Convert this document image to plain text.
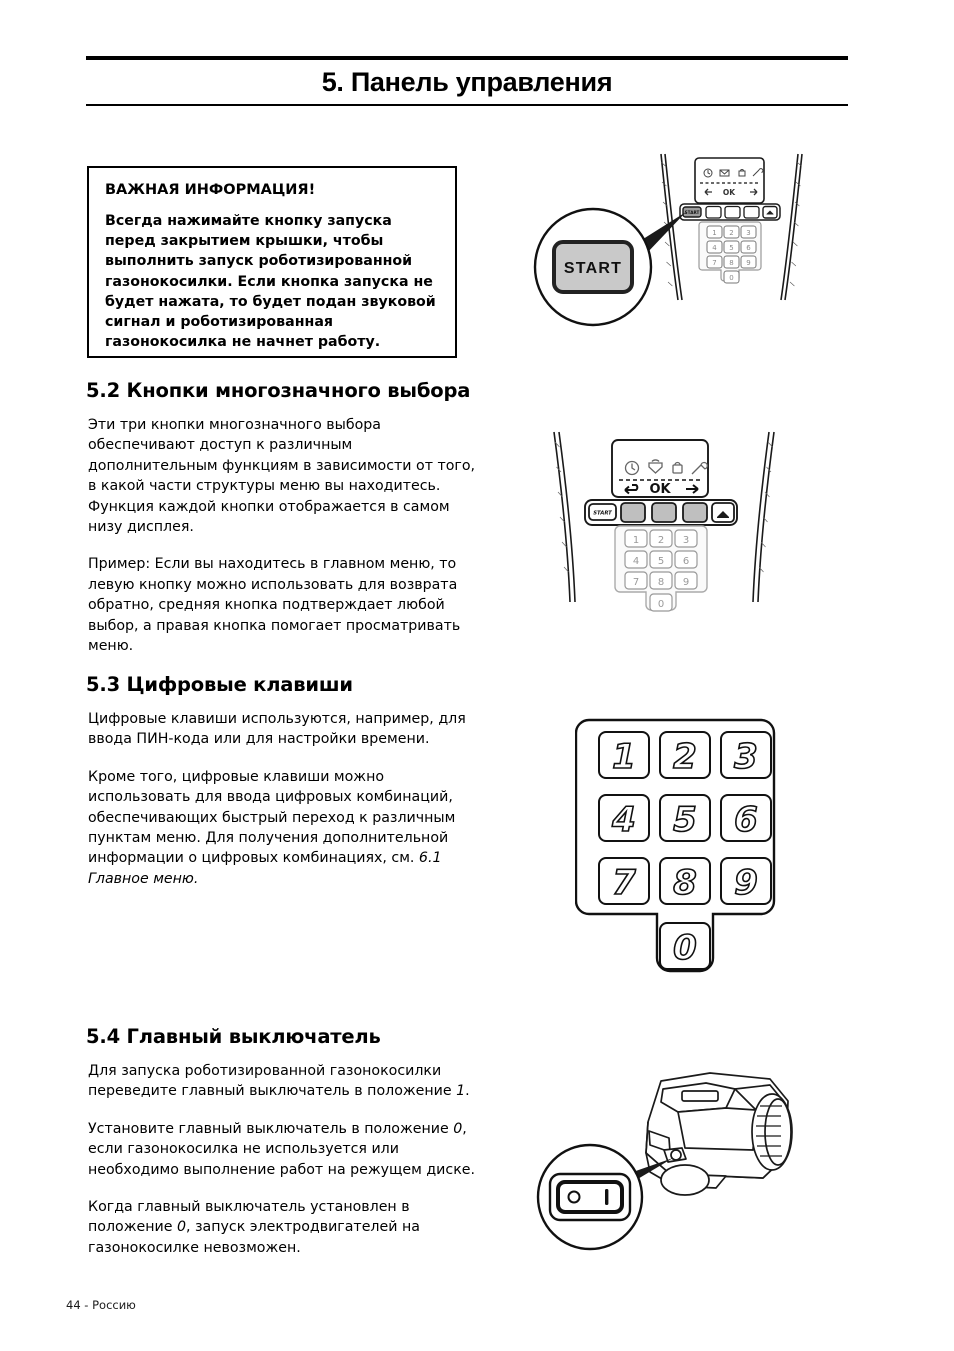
5. Панель управления

ВАЖНАЯ ИНФОРМАЦИЯ!

Всегда нажимайте кнопку запуска перед закрытием крышки, чтобы выполнить запуск роботизированной газонокосилки. Если кнопка запуска не будет нажата, то будет подан звуковой сигнал и роботизированная газонокосилка не начнет работу.

OK
START
1 2 3
4 5 6
7 8 9
0
START
5.2 Кнопки многозначного выбора

Эти три кнопки многозначного выбора обеспечивают доступ к различным дополнительным функциям в зависимости от того, в какой части структуры меню вы находитесь. Функция каждой кнопки отображается в самом низу дисплея.

Пример: Если вы находитесь в главном меню, то левую кнопку можно использовать для возврата обратно, средняя кнопка подтверждает любой выбор, а правая кнопка помогает просматривать меню.

OK
START
1 2 3
4 5 6
7 8 9
0
5.3 Цифровые клавиши

Цифровые клавиши используются, например, для ввода ПИН-кода или для настройки времени.

Кроме того, цифровые клавиши можно использовать для ввода цифровых комбинаций, обеспечивающих быстрый переход к различным пунктам меню. Для получения дополнительной информации о цифровых комбинациях, см. 6.1 Главное меню.

1 2 3
4 5 6
7 8 9
0
5.4 Главный выключатель

Для запуска роботизированной газонокосилки переведите главный выключатель в положение 1.

Установите главный выключатель в положение 0, если газонокосилка не используется или необходимо выполнение работ на режущем диске.

Когда главный выключатель установлен в положение 0, запуск электродвигателей на газонокосилке невозможен.

44 - Россию
